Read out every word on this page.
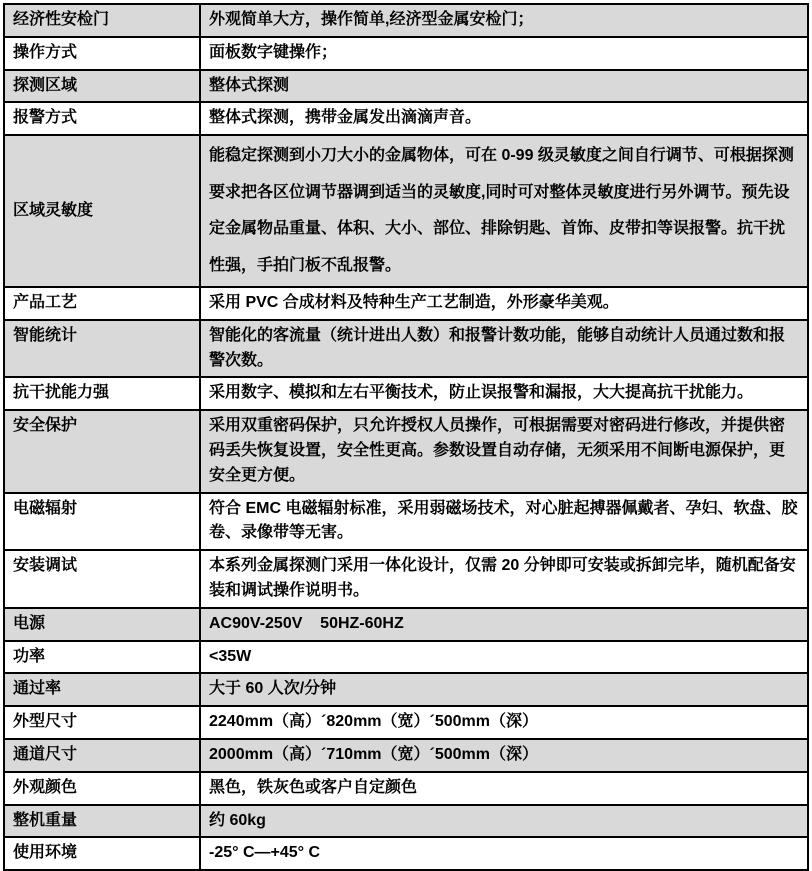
经济性安检门	外观简单大方，操作简单,经济型金属安检门；
操作方式	面板数字键操作；
探测区域	整体式探测
报警方式	整体式探测，携带金属发出滴滴声音。
区域灵敏度	能稳定探测到小刀大小的金属物体，可在 0-99 级灵敏度之间自行调节、可根据探测要求把各区位调节器调到适当的灵敏度,同时可对整体灵敏度进行另外调节。预先设定金属物品重量、体积、大小、部位、排除钥匙、首饰、皮带扣等误报警。抗干扰性强，手拍门板不乱报警。
产品工艺	采用 PVC 合成材料及特种生产工艺制造，外形豪华美观。
智能统计	智能化的客流量（统计进出人数）和报警计数功能，能够自动统计人员通过数和报警次数。
抗干扰能力强	采用数字、模拟和左右平衡技术，防止误报警和漏报，大大提高抗干扰能力。
安全保护	采用双重密码保护，只允许授权人员操作，可根据需要对密码进行修改，并提供密码丢失恢复设置，安全性更高。参数设置自动存储，无须采用不间断电源保护，更安全更方便。
电磁辐射	符合 EMC 电磁辐射标准，采用弱磁场技术，对心脏起搏器佩戴者、孕妇、软盘、胶卷、录像带等无害。
安装调试	本系列金属探测门采用一体化设计，仅需 20 分钟即可安装或拆卸完毕，随机配备安装和调试操作说明书。
电源	AC90V-250V    50HZ-60HZ
功率	<35W
通过率	大于 60 人次/分钟
外型尺寸	2240mm（高）´820mm（宽）´500mm（深）
通道尺寸	2000mm（高）´710mm（宽）´500mm（深）
外观颜色	黑色，铁灰色或客户自定颜色
整机重量	约 60kg
使用环境	-25° C—+45° C
